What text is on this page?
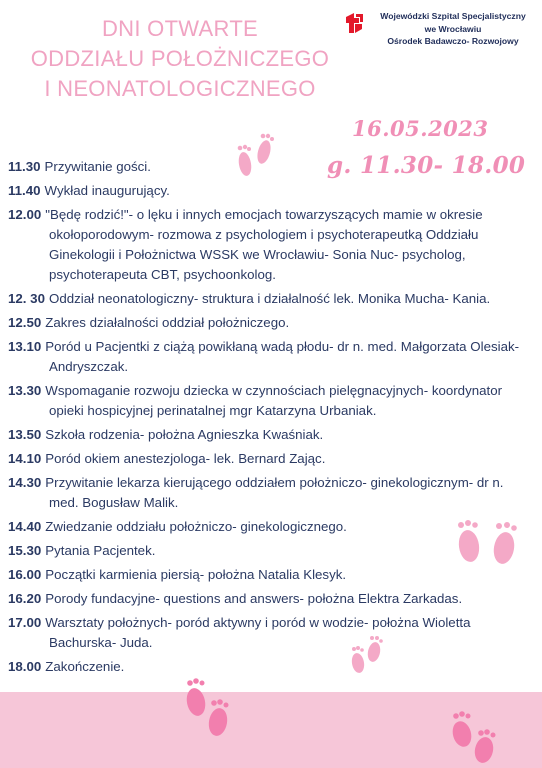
DNI OTWARTE
ODDZIAŁU POŁOŻNICZEGO
I NEONATOLOGICZNEGO
Wojewódzki Szpital Specjalistyczny
we Wrocławiu
Ośrodek Badawczo- Rozwojowy
16.05.2023
g. 11.30- 18.00
11.30 Przywitanie gości.
11.40 Wykład inaugurujący.
12.00 "Będę rodzić!"- o lęku i innych emocjach towarzyszących mamie w okresie okołoporodowym- rozmowa z psychologiem i psychoterapeutką Oddziału Ginekologii i Położnictwa WSSK we Wrocławiu- Sonia Nuc- psycholog, psychoterapeuta CBT, psychoonkolog.
12. 30 Oddział neonatologiczny- struktura i działalność lek. Monika Mucha- Kania.
12.50 Zakres działalności oddział położniczego.
13.10 Poród u Pacjentki z ciążą powikłaną wadą płodu- dr n. med. Małgorzata Olesiak- Andryszczak.
13.30 Wspomaganie rozwoju dziecka w czynnościach pielęgnacyjnych- koordynator opieki hospicyjnej perinatalnej mgr Katarzyna Urbaniak.
13.50 Szkoła rodzenia- położna Agnieszka Kwaśniak.
14.10 Poród okiem anestezjologa- lek. Bernard Zając.
14.30 Przywitanie lekarza kierującego oddziałem położniczo- ginekologicznym- dr n. med. Bogusław Malik.
14.40 Zwiedzanie oddziału położniczo- ginekologicznego.
15.30 Pytania Pacjentek.
16.00 Początki karmienia piersią- położna Natalia Klesyk.
16.20 Porody fundacyjne- questions and answers- położna Elektra Zarkadas.
17.00 Warsztaty położnych- poród aktywny i poród w wodzie- położna Wioletta Bachurska- Juda.
18.00 Zakończenie.
